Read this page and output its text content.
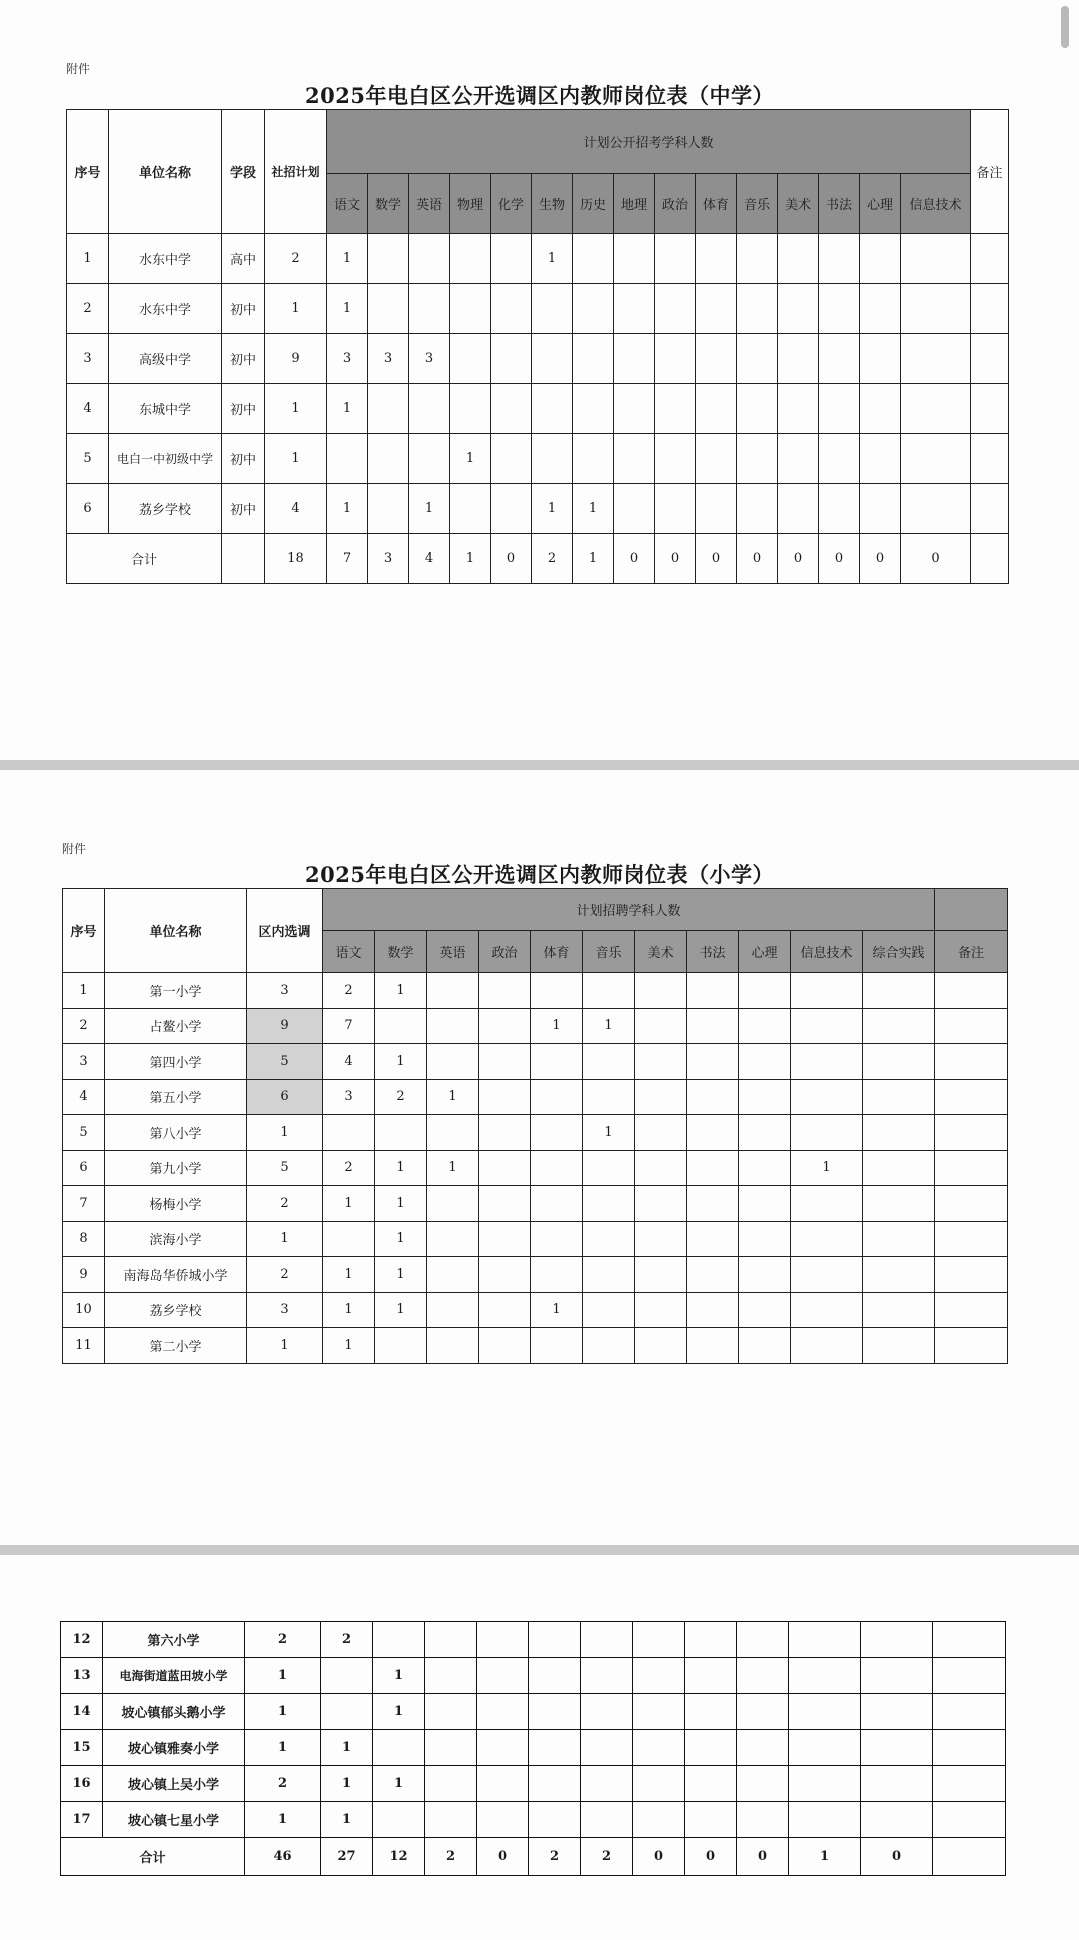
附件
2025年电白区公开选调区内教师岗位表（中学）
序号	单位名称	学段	社招计划	计划公开招考学科人数															备注
				语文	数学	英语	物理	化学	生物	历史	地理	政治	体育	音乐	美术	书法	心理	信息技术	
1	水东中学	高中	2	1					1										
2	水东中学	初中	1	1															
3	高级中学	初中	9	3	3	3													
4	东城中学	初中	1	1															
5	电白一中初级中学	初中	1				1												
6	荔乡学校	初中	4	1		1			1	1									
合计			18	7	3	4	1	0	2	1	0	0	0	0	0	0	0	0	
附件
2025年电白区公开选调区内教师岗位表（小学）
序号	单位名称	区内选调	计划招聘学科人数											
			语文	数学	英语	政治	体育	音乐	美术	书法	心理	信息技术	综合实践	备注
1	第一小学	3	2	1										
2	占鳌小学	9	7				1	1						
3	第四小学	5	4	1										
4	第五小学	6	3	2	1									
5	第八小学	1						1						
6	第九小学	5	2	1	1							1		
7	杨梅小学	2	1	1										
8	滨海小学	1		1										
9	南海岛华侨城小学	2	1	1										
10	荔乡学校	3	1	1			1							
11	第二小学	1	1											
12	第六小学	2	2											
13	电海街道蓝田坡小学	1		1										
14	坡心镇郁头鹅小学	1		1										
15	坡心镇雅奏小学	1	1											
16	坡心镇上吴小学	2	1	1										
17	坡心镇七星小学	1	1											
合计		46	27	12	2	0	2	2	0	0	0	1	0	
